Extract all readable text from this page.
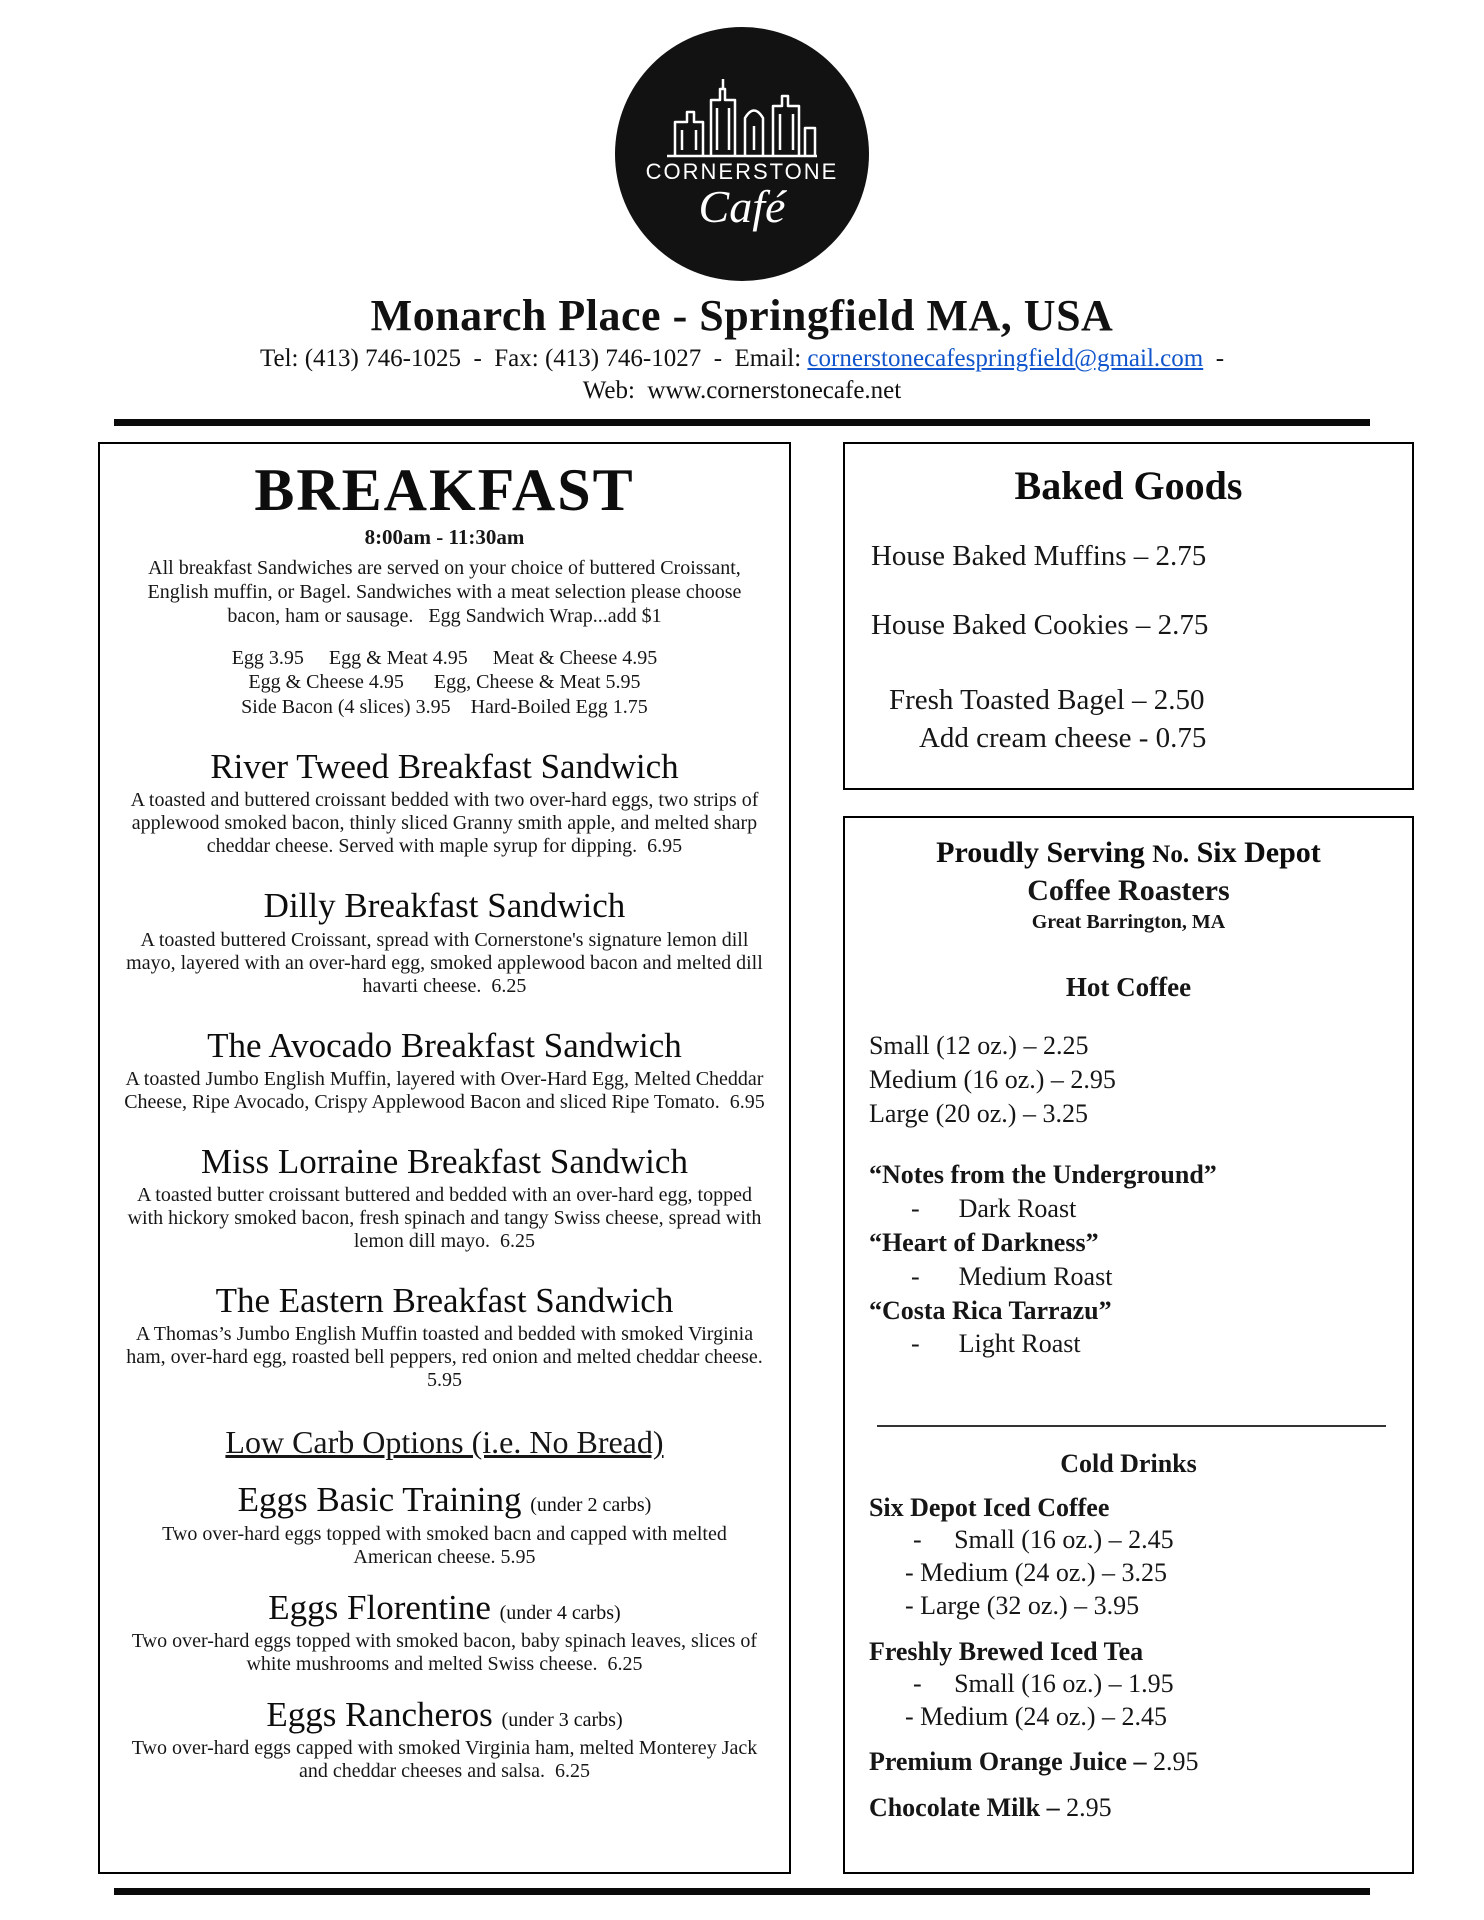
CORNERSTONE
Café
Monarch Place - Springfield MA, USA
Tel: (413) 746-1025  -  Fax: (413) 746-1027  -  Email: cornerstonecafespringfield@gmail.com  -
Web:  www.cornerstonecafe.net
BREAKFAST
8:00am - 11:30am

All breakfast Sandwiches are served on your choice of buttered Croissant, English muffin, or Bagel. Sandwiches with a meat selection please choose bacon, ham or sausage.   Egg Sandwich Wrap...add $1

Egg 3.95     Egg & Meat 4.95     Meat & Cheese 4.95
Egg & Cheese 4.95      Egg, Cheese & Meat 5.95
Side Bacon (4 slices) 3.95    Hard-Boiled Egg 1.75
River Tweed Breakfast Sandwich

A toasted and buttered croissant bedded with two over-hard eggs, two strips of applewood smoked bacon, thinly sliced Granny smith apple, and melted sharp cheddar cheese. Served with maple syrup for dipping.  6.95

Dilly Breakfast Sandwich

A toasted buttered Croissant, spread with Cornerstone's signature lemon dill mayo, layered with an over-hard egg, smoked applewood bacon and melted dill havarti cheese.  6.25

The Avocado Breakfast Sandwich

A toasted Jumbo English Muffin, layered with Over-Hard Egg, Melted Cheddar Cheese, Ripe Avocado, Crispy Applewood Bacon and sliced Ripe Tomato.  6.95

Miss Lorraine Breakfast Sandwich

A toasted butter croissant buttered and bedded with an over-hard egg, topped with hickory smoked bacon, fresh spinach and tangy Swiss cheese, spread with lemon dill mayo.  6.25

The Eastern Breakfast Sandwich

A Thomas’s Jumbo English Muffin toasted and bedded with smoked Virginia ham, over-hard egg, roasted bell peppers, red onion and melted cheddar cheese.  5.95

Low Carb Options (i.e. No Bread)
Eggs Basic Training (under 2 carbs)

Two over-hard eggs topped with smoked bacn and capped with melted American cheese. 5.95

Eggs Florentine (under 4 carbs)

Two over-hard eggs topped with smoked bacon, baby spinach leaves, slices of white mushrooms and melted Swiss cheese.  6.25

Eggs Rancheros (under 3 carbs)

Two over-hard eggs capped with smoked Virginia ham, melted Monterey Jack and cheddar cheeses and salsa.  6.25

Baked Goods
House Baked Muffins – 2.75
House Baked Cookies – 2.75
Fresh Toasted Bagel – 2.50
Add cream cheese - 0.75
Proudly Serving No. Six Depot
Coffee Roasters
Great Barrington, MA
Hot Coffee
Small (12 oz.) – 2.25
Medium (16 oz.) – 2.95
Large (20 oz.) – 3.25
“Notes from the Underground”
-      Dark Roast
“Heart of Darkness”
-      Medium Roast
“Costa Rica Tarrazu”
-      Light Roast
Cold Drinks
Six Depot Iced Coffee
-     Small (16 oz.) – 2.45
- Medium (24 oz.) – 3.25
- Large (32 oz.) – 3.95
Freshly Brewed Iced Tea
-     Small (16 oz.) – 1.95
- Medium (24 oz.) – 2.45
Premium Orange Juice – 2.95
Chocolate Milk – 2.95
